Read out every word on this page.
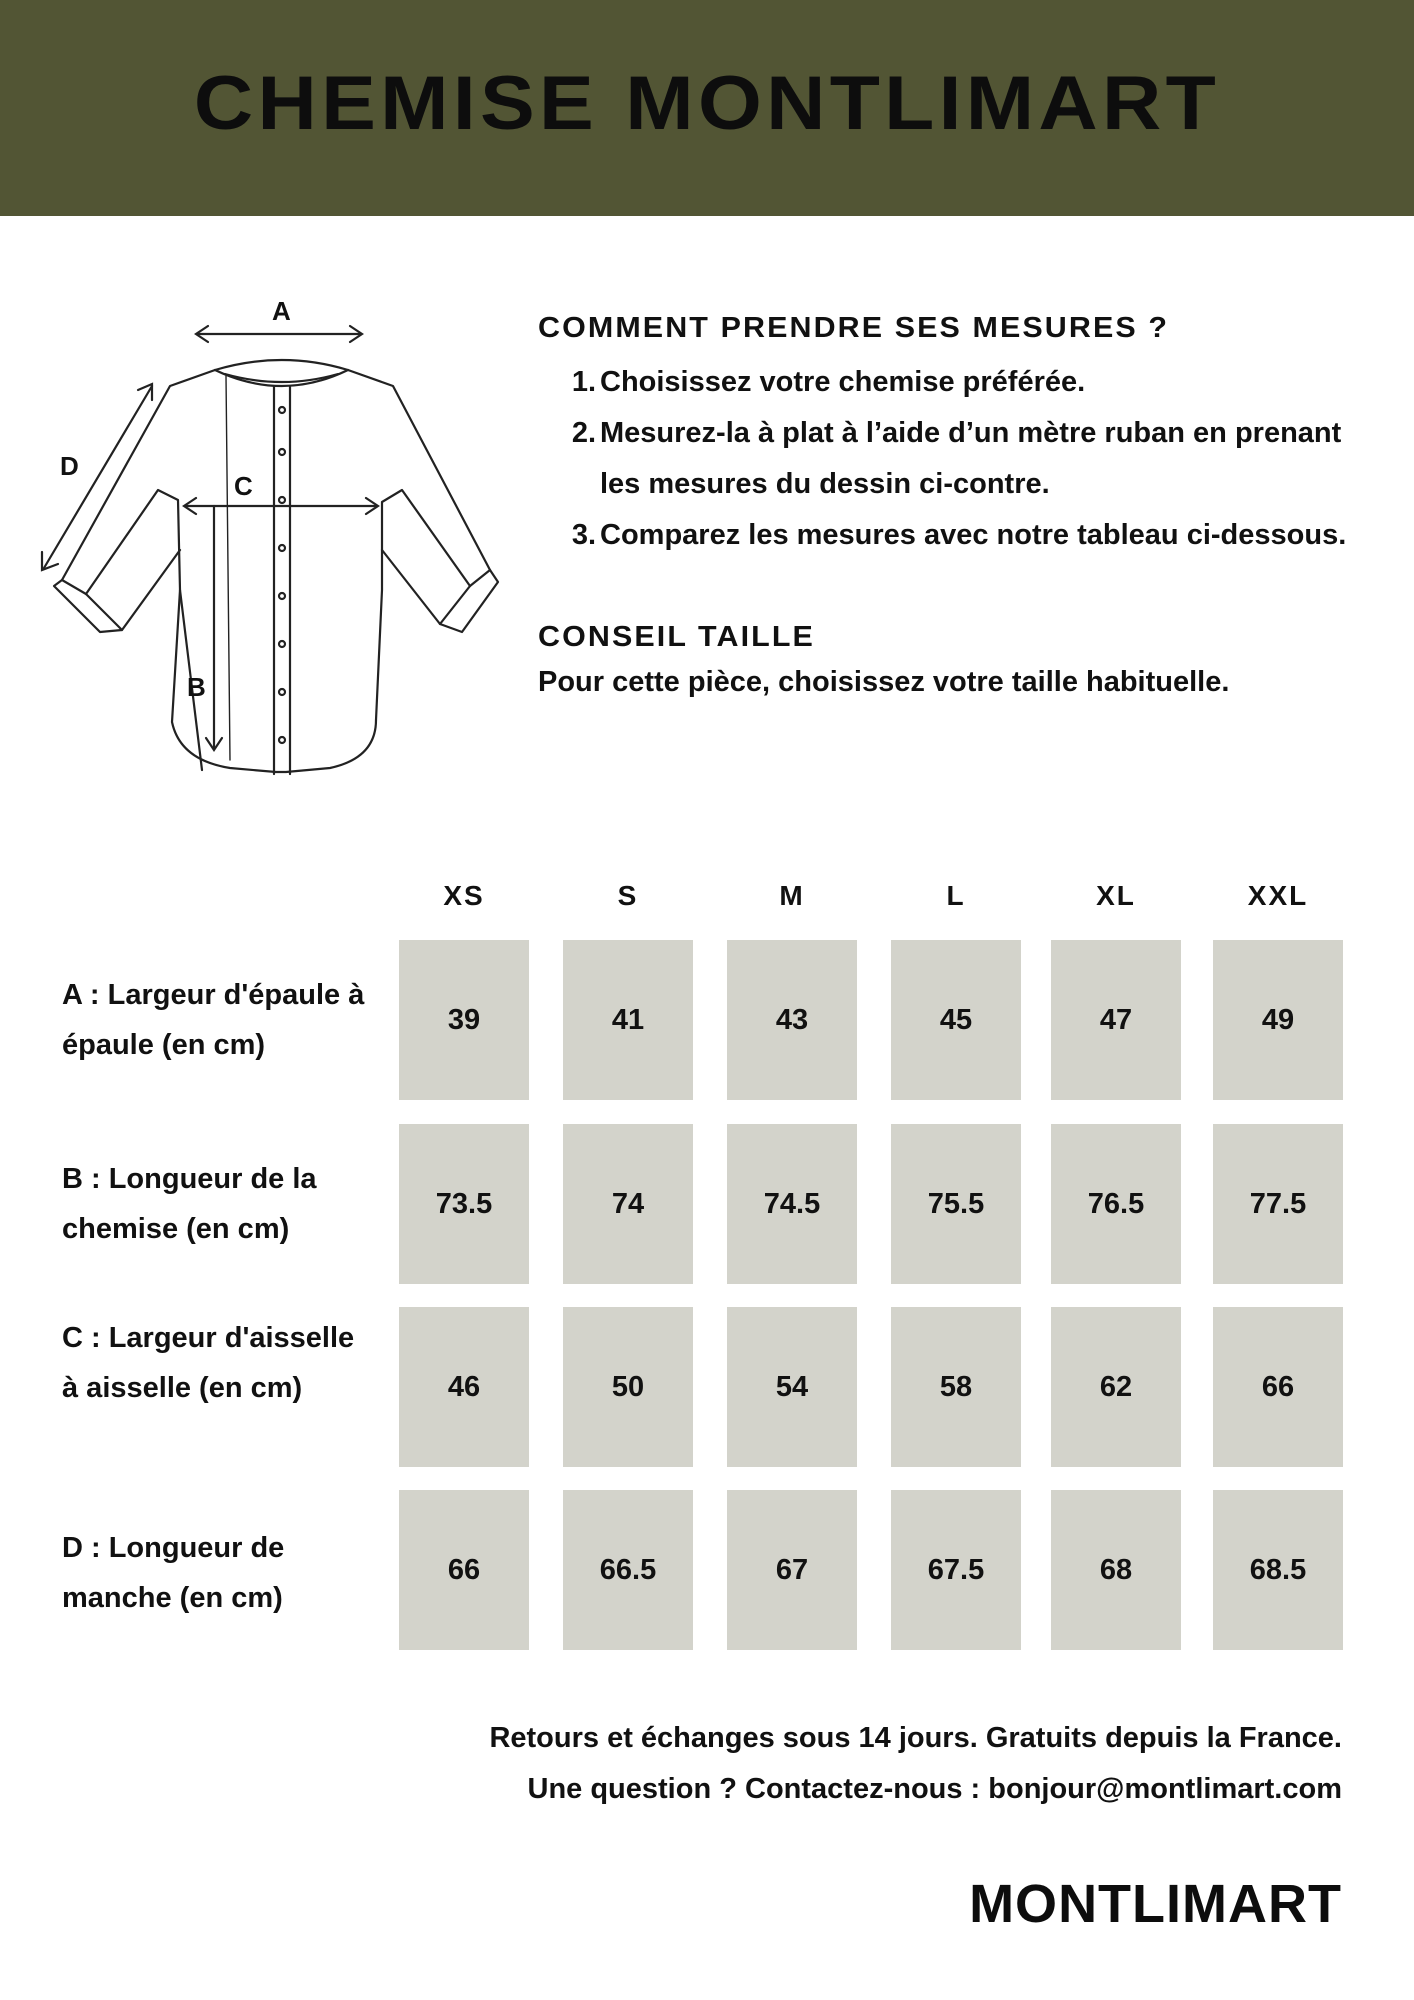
CHEMISE MONTLIMART
A
C
B
D
COMMENT PRENDRE SES MESURES ?
1. Choisissez votre chemise préférée.
2. Mesurez-la à plat à l’aide d’un mètre ruban en prenant les mesures du dessin ci-contre.
3. Comparez les mesures avec notre tableau ci-dessous.
CONSEIL TAILLE
Pour cette pièce, choisissez votre taille habituelle.
XS	S	M	L	XL	XXL
A : Largeur d'épaule à épaule (en cm)
39	41	43	45	47	49
B : Longueur de la chemise (en cm)
73.5	74	74.5	75.5	76.5	77.5
C : Largeur d'aisselle à aisselle (en cm)	46	50	54	58	62	66
D : Longueur de manche (en cm)
66	66.5	67	67.5	68	68.5
Retours et échanges sous 14 jours. Gratuits depuis la France.
Une question ? Contactez-nous : bonjour@montlimart.com
MONTLIMART
